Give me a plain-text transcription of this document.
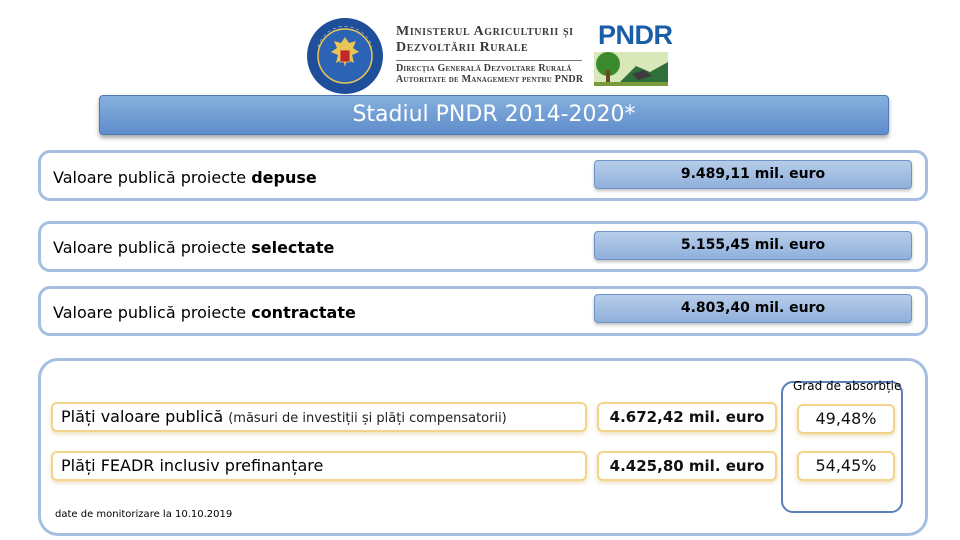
Ministerul Agriculturii și
Dezvoltării Rurale
Direcția Generală Dezvoltare Rurală
Autoritate de Management pentru PNDR
PNDR
Stadiul PNDR 2014-2020*
Valoare publică proiecte depuse	9.489,11 mil. euro
Valoare publică proiecte selectate	5.155,45 mil. euro
Valoare publică proiecte contractate	4.803,40 mil. euro
Grad de absorbție
Plăți valoare publică (măsuri de investiții și plăți compensatorii)	4.672,42 mil. euro	49,48%
Plăți FEADR inclusiv prefinanțare	4.425,80 mil. euro	54,45%
date de monitorizare la 10.10.2019
